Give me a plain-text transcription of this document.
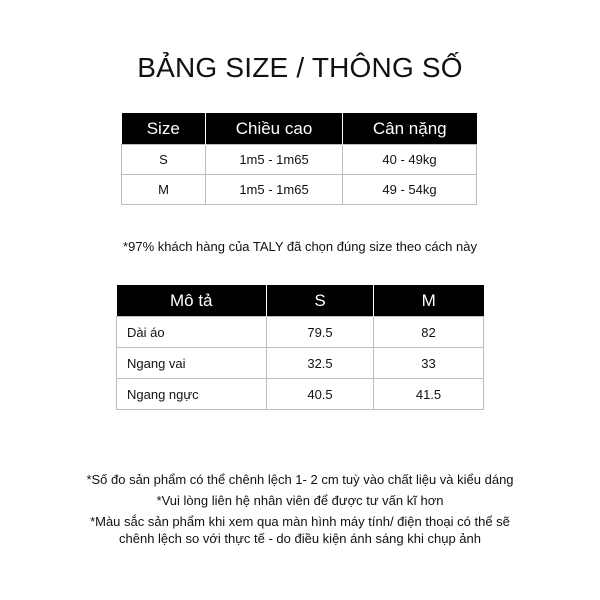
BẢNG SIZE / THÔNG SỐ
Size	Chiều cao	Cân nặng
S	1m5 - 1m65	40 - 49kg
M	1m5 - 1m65	49 - 54kg
*97% khách hàng của TALY đã chọn đúng size theo cách này
Mô tả	S	M
Dài áo	79.5	82
Ngang vai	32.5	33
Ngang ngực	40.5	41.5
*Số đo sản phẩm có thể chênh lệch 1- 2 cm tuỳ vào chất liệu và kiểu dáng
*Vui lòng liên hệ nhân viên để được tư vấn kĩ hơn
*Màu sắc sản phẩm khi xem qua màn hình máy tính/ điện thoại có thể sẽ
chênh lệch so với thực tế - do điều kiện ánh sáng khi chụp ảnh
